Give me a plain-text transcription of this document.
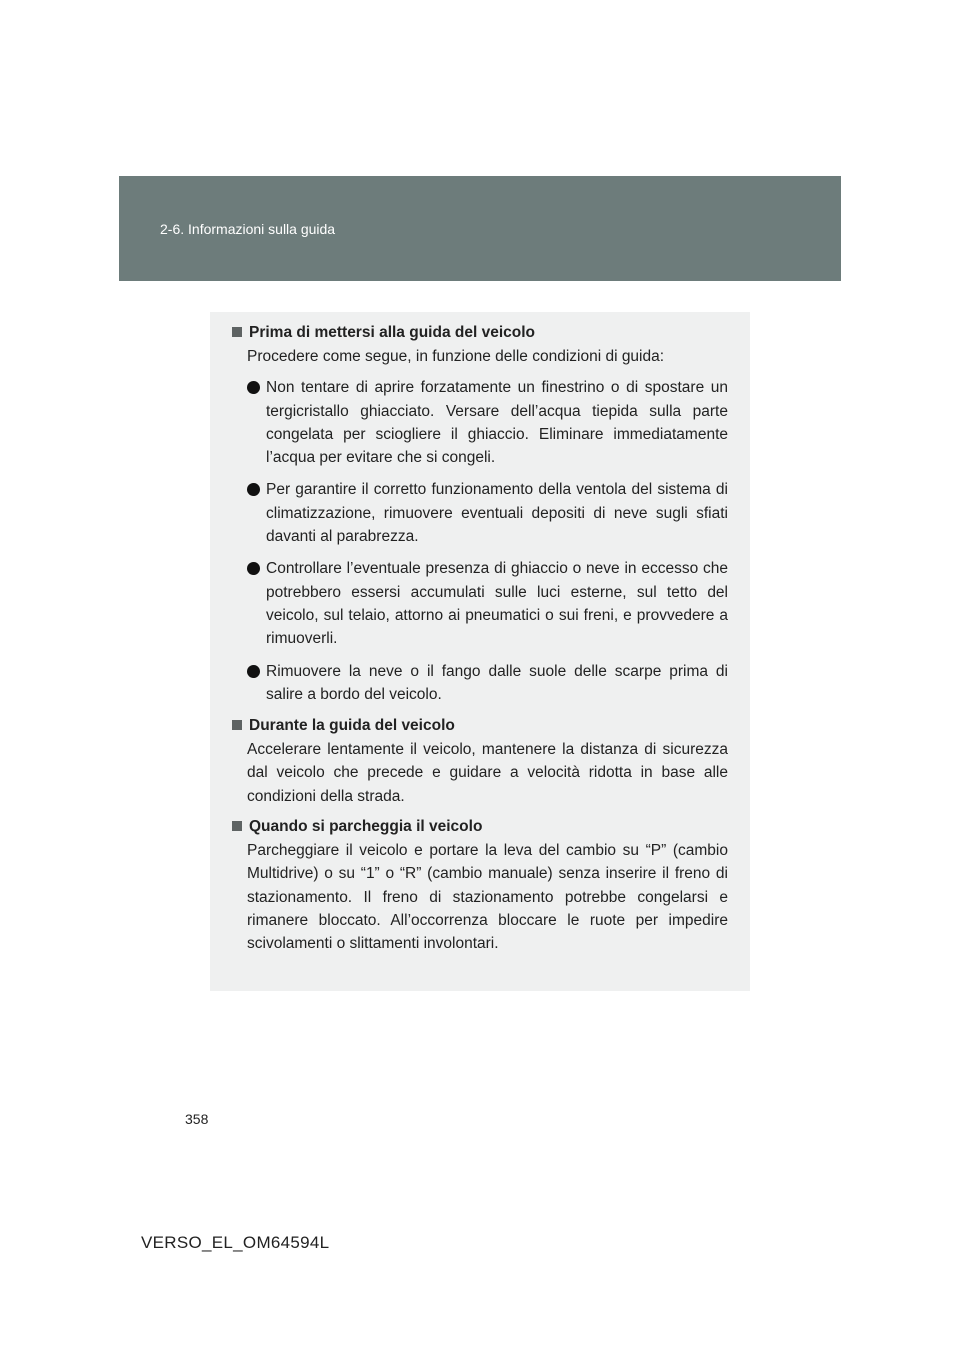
2-6. Informazioni sulla guida
Prima di mettersi alla guida del veicolo
Procedere come segue, in funzione delle condizioni di guida:
Non tentare di aprire forzatamente un finestrino o di spostare un tergicristallo ghiacciato. Versare dell’acqua tiepida sulla parte congelata per sciogliere il ghiaccio. Eliminare immediatamente l’acqua per evitare che si congeli.
Per garantire il corretto funzionamento della ventola del sistema di climatizzazione, rimuovere eventuali depositi di neve sugli sfiati davanti al parabrezza.
Controllare l’eventuale presenza di ghiaccio o neve in eccesso che potrebbero essersi accumulati sulle luci esterne, sul tetto del veicolo, sul telaio, attorno ai pneumatici o sui freni, e provvedere a rimuoverli.
Rimuovere la neve o il fango dalle suole delle scarpe prima di salire a bordo del veicolo.
Durante la guida del veicolo
Accelerare lentamente il veicolo, mantenere la distanza di sicurezza dal veicolo che precede e guidare a velocità ridotta in base alle condizioni della strada.
Quando si parcheggia il veicolo
Parcheggiare il veicolo e portare la leva del cambio su “P” (cambio Multidrive) o su “1” o “R” (cambio manuale) senza inserire il freno di stazionamento. Il freno di stazionamento potrebbe congelarsi e rimanere bloccato. All’occorrenza bloccare le ruote per impedire scivolamenti o slittamenti involontari.
358
VERSO_EL_OM64594L
